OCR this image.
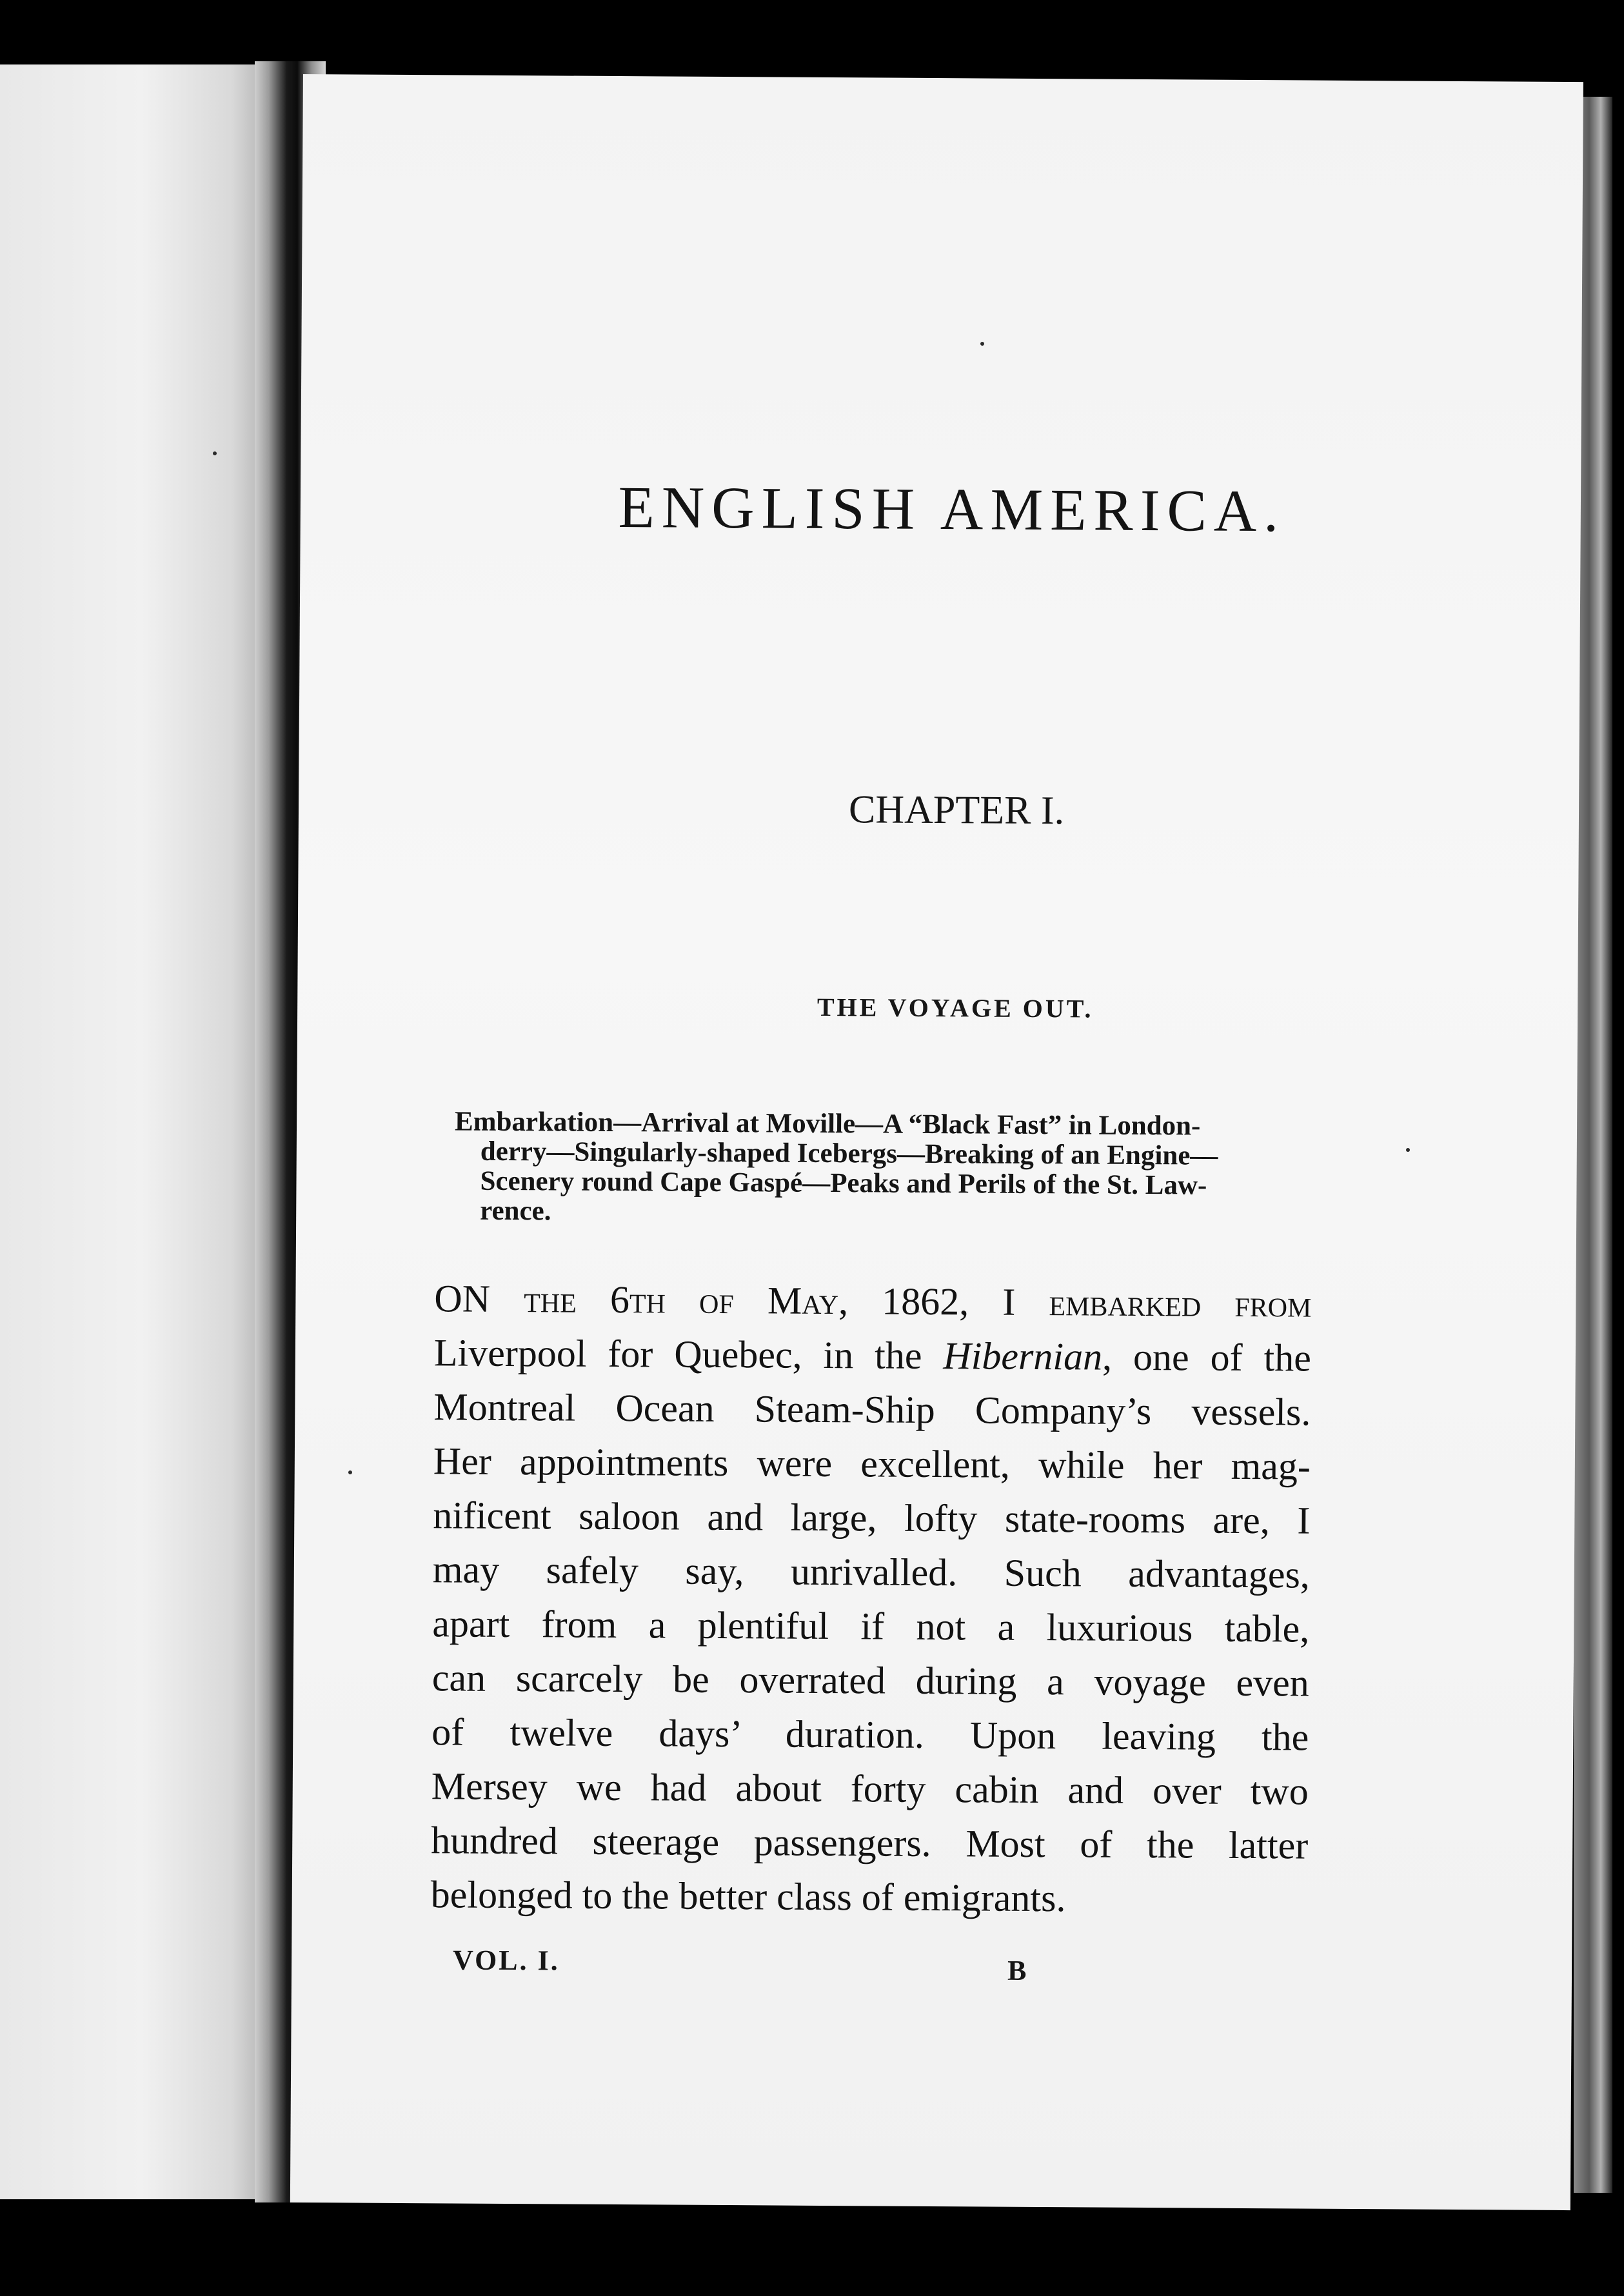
ENGLISH AMERICA.
CHAPTER I.
THE VOYAGE OUT.
Embarkation—Arrival at Moville—A “Black Fast” in London-
derry—Singularly-shaped Icebergs—Breaking of an Engine—
Scenery round Cape Gaspé—Peaks and Perils of the St. Law-
rence.
ON the 6th of May, 1862, I embarked from
Liverpool for Quebec, in the Hibernian, one of the
Montreal Ocean Steam-Ship Company’s vessels.
Her appointments were excellent, while her mag-
nificent saloon and large, lofty state-rooms are, I
may safely say, unrivalled. Such advantages,
apart from a plentiful if not a luxurious table,
can scarcely be overrated during a voyage even
of twelve days’ duration. Upon leaving the
Mersey we had about forty cabin and over two
hundred steerage passengers. Most of the latter
belonged to the better class of emigrants.
VOL. I.	B
